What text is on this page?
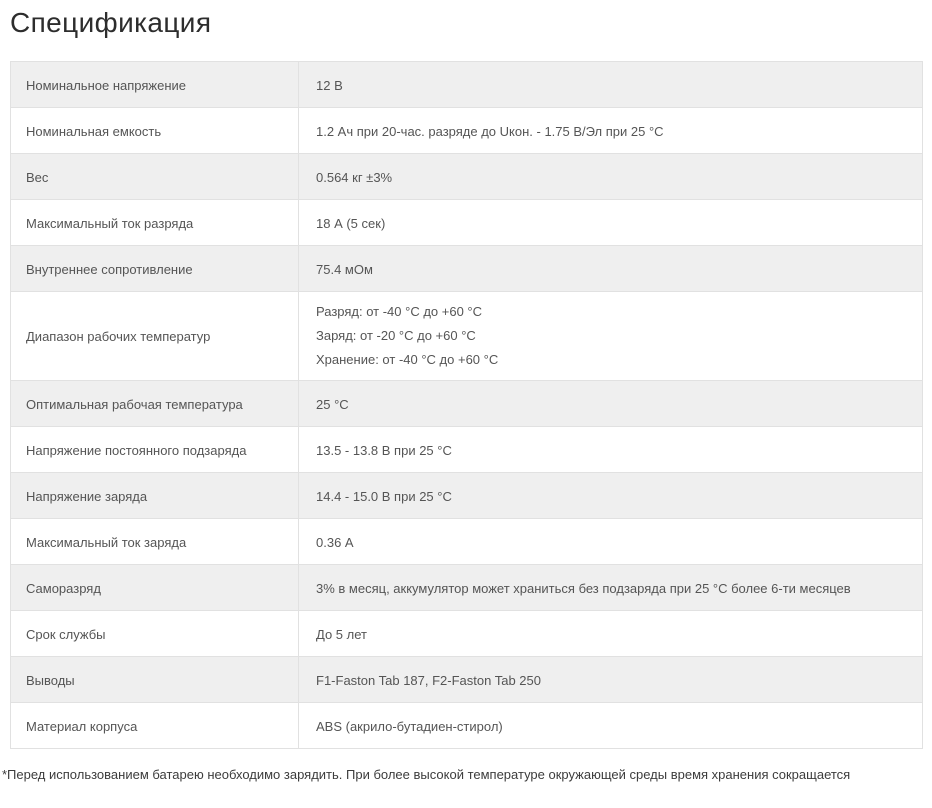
Спецификация
Номинальное напряжение	12 В

Номинальная емкость	1.2 Ач при 20-час. разряде до Uкон. - 1.75 В/Эл при 25 °C

Вес	0.564 кг ±3%

Максимальный ток разряда	18 А (5 сек)

Внутреннее сопротивление	75.4 мОм

Диапазон рабочих температур	Разряд: от -40 °C до +60 °C
Заряд: от -20 °C до +60 °C
Хранение: от -40 °C до +60 °C

Оптимальная рабочая температура	25 °C

Напряжение постоянного подзаряда	13.5 - 13.8 В при 25 °C

Напряжение заряда	14.4 - 15.0 В при 25 °C

Максимальный ток заряда	0.36 А

Саморазряд	3% в месяц, аккумулятор может храниться без подзаряда при 25 °C более 6-ти месяцев

Срок службы	До 5 лет

Выводы	F1-Faston Tab 187, F2-Faston Tab 250

Материал корпуса	ABS (акрило-бутадиен-стирол)

*Перед использованием батарею необходимо зарядить. При более высокой температуре окружающей среды время хранения сокращается
